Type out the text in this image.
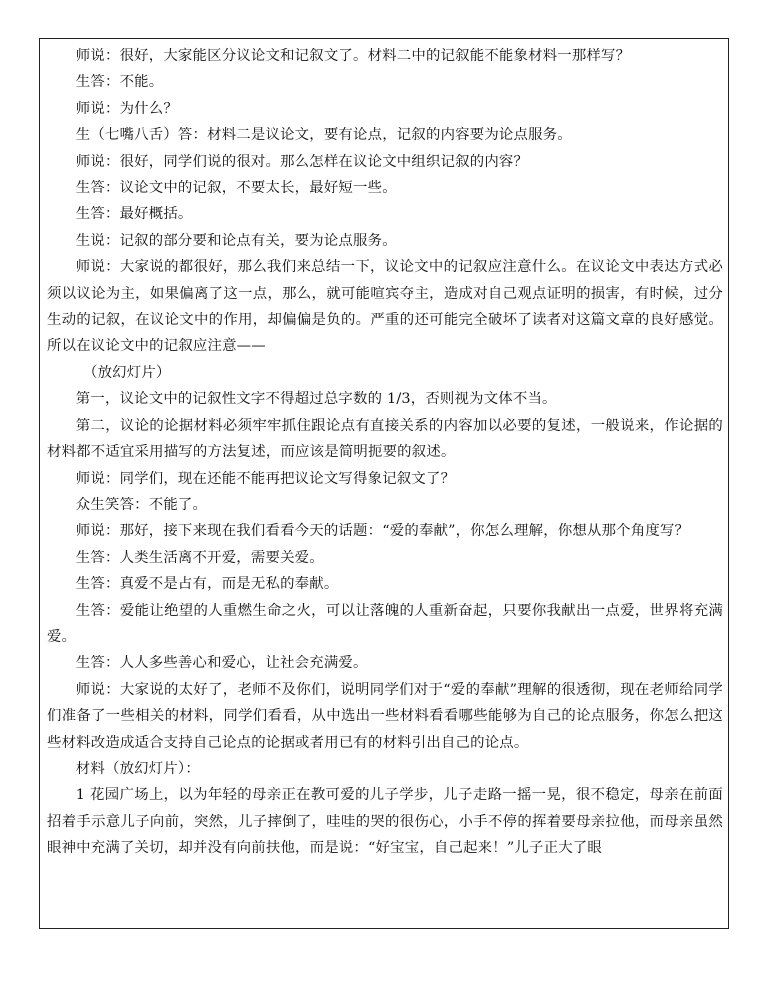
师说：很好，大家能区分议论文和记叙文了。材料二中的记叙能不能象材料一那样写？

生答：不能。

师说：为什么？

生（七嘴八舌）答：材料二是议论文，要有论点，记叙的内容要为论点服务。

师说：很好，同学们说的很对。那么怎样在议论文中组织记叙的内容？

生答：议论文中的记叙，不要太长，最好短一些。

生答：最好概括。

生说：记叙的部分要和论点有关，要为论点服务。

师说：大家说的都很好，那么我们来总结一下，议论文中的记叙应注意什么。在议论文中表达方式必须以议论为主，如果偏离了这一点，那么，就可能喧宾夺主，造成对自己观点证明的损害，有时候，过分生动的记叙，在议论文中的作用，却偏偏是负的。严重的还可能完全破坏了读者对这篇文章的良好感觉。所以在议论文中的记叙应注意——

（放幻灯片）

第一，议论文中的记叙性文字不得超过总字数的 1/3，否则视为文体不当。

第二，议论的论据材料必须牢牢抓住跟论点有直接关系的内容加以必要的复述，一般说来，作论据的材料都不适宜采用描写的方法复述，而应该是简明扼要的叙述。

师说：同学们，现在还能不能再把议论文写得象记叙文了？

众生笑答：不能了。

师说：那好，接下来现在我们看看今天的话题：“爱的奉献”，你怎么理解，你想从那个角度写？

生答：人类生活离不开爱，需要关爱。

生答：真爱不是占有，而是无私的奉献。

生答：爱能让绝望的人重燃生命之火，可以让落魄的人重新奋起，只要你我献出一点爱，世界将充满爱。

生答：人人多些善心和爱心，让社会充满爱。

师说：大家说的太好了，老师不及你们，说明同学们对于“爱的奉献”理解的很透彻，现在老师给同学们准备了一些相关的材料，同学们看看，从中选出一些材料看看哪些能够为自己的论点服务，你怎么把这些材料改造成适合支持自己论点的论据或者用已有的材料引出自己的论点。

材料（放幻灯片）：

1 花园广场上，以为年轻的母亲正在教可爱的儿子学步，儿子走路一摇一晃，很不稳定，母亲在前面招着手示意儿子向前，突然，儿子摔倒了，哇哇的哭的很伤心，小手不停的挥着要母亲拉他，而母亲虽然眼神中充满了关切，却并没有向前扶他，而是说：“好宝宝，自己起来！”儿子正大了眼
